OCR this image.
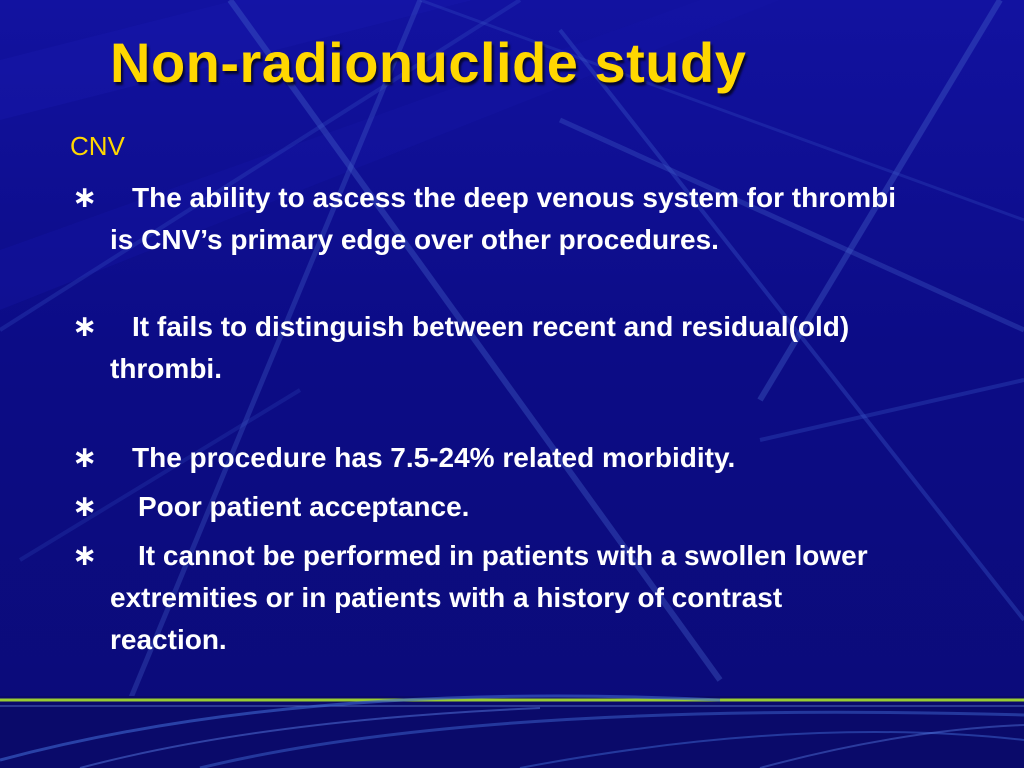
Non-radionuclide study
CNV
∗	The ability to ascess the deep venous system for thrombi is CNV’s primary edge over other procedures.

∗	It fails to distinguish between recent and residual(old) thrombi.

∗	The procedure has 7.5-24% related morbidity.

∗	Poor patient acceptance.

∗	It cannot be performed in patients with a swollen lower extremities or in patients with a history of contrast reaction.
